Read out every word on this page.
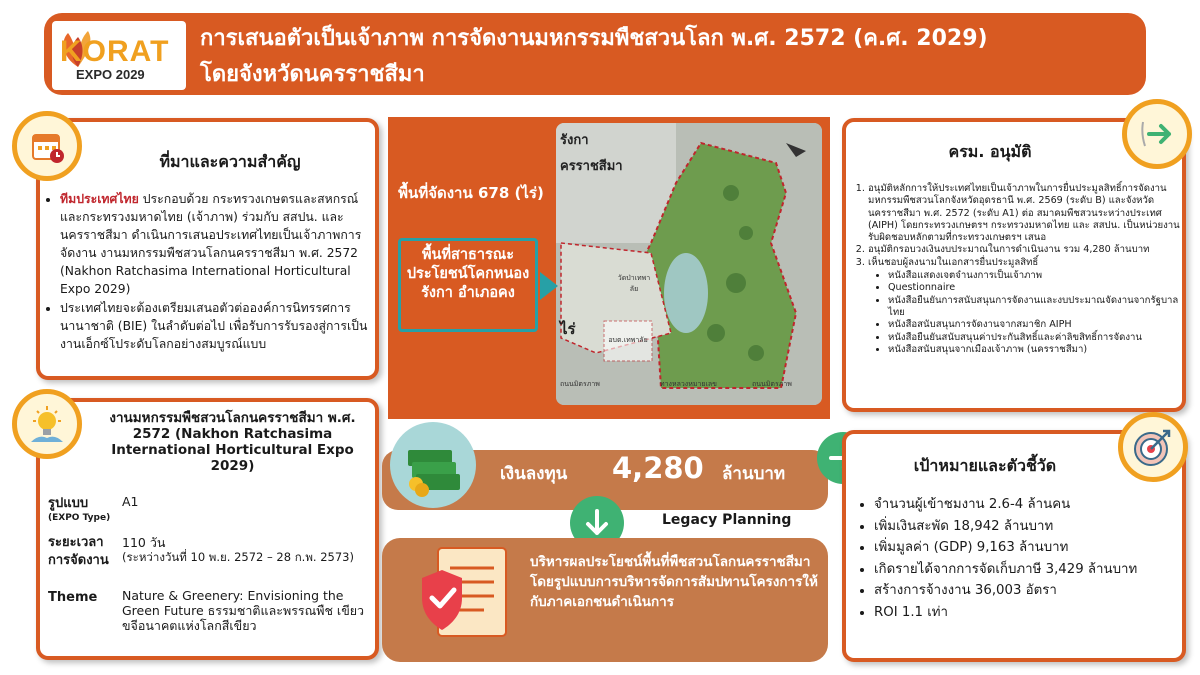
KORAT
EXPO 2029
การเสนอตัวเป็นเจ้าภาพ การจัดงานมหกรรมพืชสวนโลก พ.ศ. 2572 (ค.ศ. 2029)
โดยจังหวัดนครราชสีมา
ที่มาและความสำคัญ
• ทีมประเทศไทย ประกอบด้วย กระทรวงเกษตรและสหกรณ์และกระทรวงมหาดไทย (เจ้าภาพ) ร่วมกับ สสปน. และนครราชสีมา ดำเนินการเสนอประเทศไทยเป็นเจ้าภาพการจัดงาน งานมหกรรมพืชสวนโลกนครราชสีมา พ.ศ. 2572 (Nakhon Ratchasima International Horticultural Expo 2029)
• ประเทศไทยจะต้องเตรียมเสนอตัวต่อองค์การนิทรรศการนานาชาติ (BIE) ในลำดับต่อไป เพื่อรับการรับรองสู่การเป็นงานเอ็กซ์โประดับโลกอย่างสมบูรณ์แบบ
งานมหกรรมพืชสวนโลกนครราชสีมา พ.ศ. 2572 (Nakhon Ratchasima International Horticultural Expo 2029)
รูปแบบ
(EXPO Type)
A1
ระยะเวลา การจัดงาน
110 วัน
(ระหว่างวันที่ 10 พ.ย. 2572 – 28 ก.พ. 2573)
Theme Nature & Greenery: Envisioning the Green Future ธรรมชาติและพรรณพืช เขียวขจีอนาคตแห่งโลกสีเขียว
รังกา
ครราชสีมา
ไร่
วัดป่าเทพาลัย
อบต.เทพาลัย
ถนนมิตรภาพ	ทางหลวงหมายเลข	ถนนมิตรภาพ
พื้นที่จัดงาน 678 (ไร่)
พื้นที่สาธารณะประโยชน์โคกหนองรังกา อำเภอคง
เงินลงทุน 4,280 ล้านบาท
Legacy Planning
บริหารผลประโยชน์พื้นที่พืชสวนโลกนครราชสีมา โดยรูปแบบการบริหารจัดการสัมปทานโครงการให้กับภาคเอกชนดำเนินการ
ครม. อนุมัติ
1. อนุมัติหลักการให้ประเทศไทยเป็นเจ้าภาพในการยื่นประมูลสิทธิ์การจัดงานมหกรรมพืชสวนโลกจังหวัดอุดรธานี พ.ศ. 2569 (ระดับ B) และจังหวัดนครราชสีมา พ.ศ. 2572 (ระดับ A1) ต่อ สมาคมพืชสวนระหว่างประเทศ (AIPH) โดยกระทรวงเกษตรฯ กระทรวงมหาดไทย และ สสปน. เป็นหน่วยงานรับผิดชอบหลักตามที่กระทรวงเกษตรฯ เสนอ
2. อนุมัติกรอบวงเงินงบประมาณในการดำเนินงาน รวม 4,280 ล้านบาท
3. เห็นชอบผู้ลงนามในเอกสารยื่นประมูลสิทธิ์
• หนังสือแสดงเจตจำนงการเป็นเจ้าภาพ
• Questionnaire
• หนังสือยืนยันการสนับสนุนการจัดงานและงบประมาณจัดงานจากรัฐบาลไทย
• หนังสือสนับสนุนการจัดงานจากสมาชิก AIPH
• หนังสือยืนยันสนับสนุนค่าประกันสิทธิ์และค่าลิขสิทธิ์การจัดงาน
• หนังสือสนับสนุนจากเมืองเจ้าภาพ (นครราชสีมา)
เป้าหมายและตัวชี้วัด
• จำนวนผู้เข้าชมงาน 2.6-4 ล้านคน
• เพิ่มเงินสะพัด 18,942 ล้านบาท
• เพิ่มมูลค่า (GDP) 9,163 ล้านบาท
• เกิดรายได้จากการจัดเก็บภาษี 3,429 ล้านบาท
• สร้างการจ้างงาน 36,003 อัตรา
• ROI 1.1 เท่า
